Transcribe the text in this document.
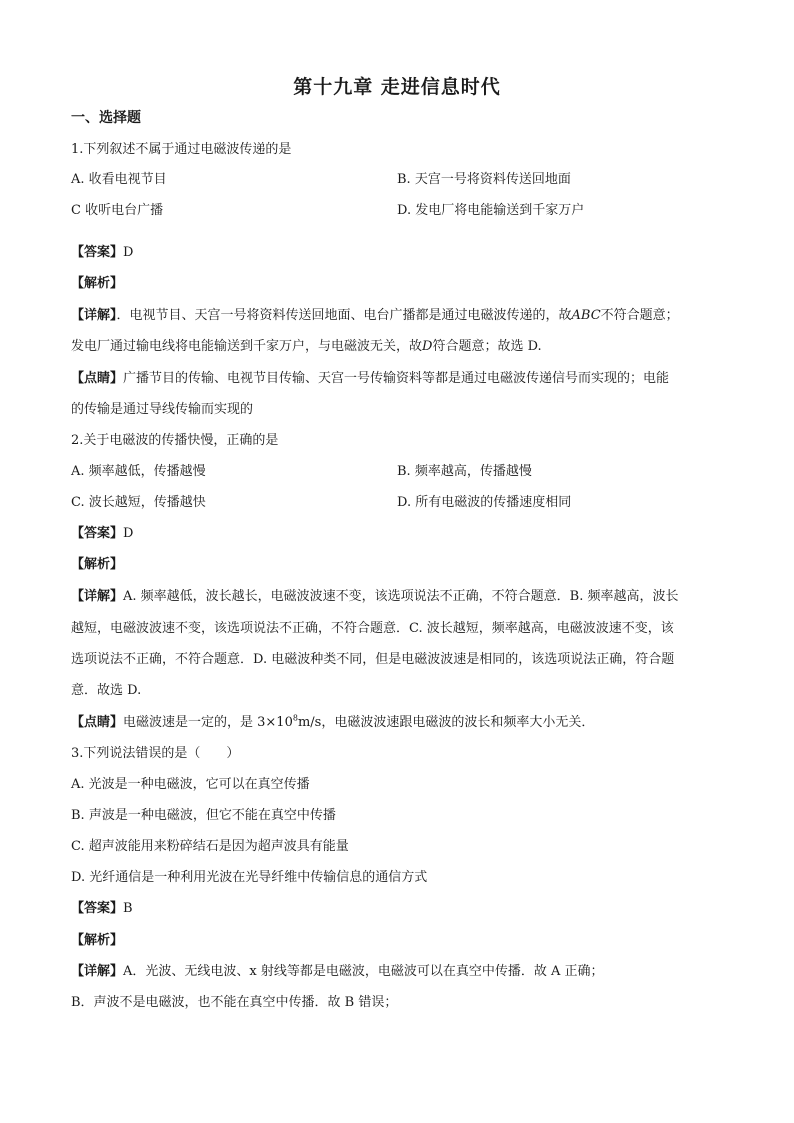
第十九章 走进信息时代
一、选择题
1.下列叙述不属于通过电磁波传递的是
A. 收看电视节目	B. 天宫一号将资料传送回地面
C 收听电台广播	D. 发电厂将电能输送到千家万户
【答案】D
【解析】
【详解】．电视节目、天宫一号将资料传送回地面、电台广播都是通过电磁波传递的，故ABC不符合题意；
发电厂通过输电线将电能输送到千家万户，与电磁波无关，故D符合题意；故选 D.
【点睛】广播节目的传输、电视节目传输、天宫一号传输资料等都是通过电磁波传递信号而实现的；电能
的传输是通过导线传输而实现的
2.关于电磁波的传播快慢，正确的是
A. 频率越低，传播越慢	B. 频率越高，传播越慢
C. 波长越短，传播越快	D. 所有电磁波的传播速度相同
【答案】D
【解析】
【详解】A. 频率越低，波长越长，电磁波波速不变，该选项说法不正确，不符合题意．B. 频率越高，波长
越短，电磁波波速不变，该选项说法不正确，不符合题意．C. 波长越短，频率越高，电磁波波速不变，该
选项说法不正确，不符合题意．D. 电磁波种类不同，但是电磁波波速是相同的，该选项说法正确，符合题
意．故选 D.
【点睛】电磁波速是一定的，是 $3\times 10^8m/s$，电磁波波速跟电磁波的波长和频率大小无关．
3.下列说法错误的是（　　）
A. 光波是一种电磁波，它可以在真空传播
B. 声波是一种电磁波，但它不能在真空中传播
C. 超声波能用来粉碎结石是因为超声波具有能量
D. 光纤通信是一种利用光波在光导纤维中传输信息的通信方式
【答案】B
【解析】
【详解】A．光波、无线电波、x 射线等都是电磁波，电磁波可以在真空中传播．故 A 正确；
B．声波不是电磁波，也不能在真空中传播．故 B 错误；
